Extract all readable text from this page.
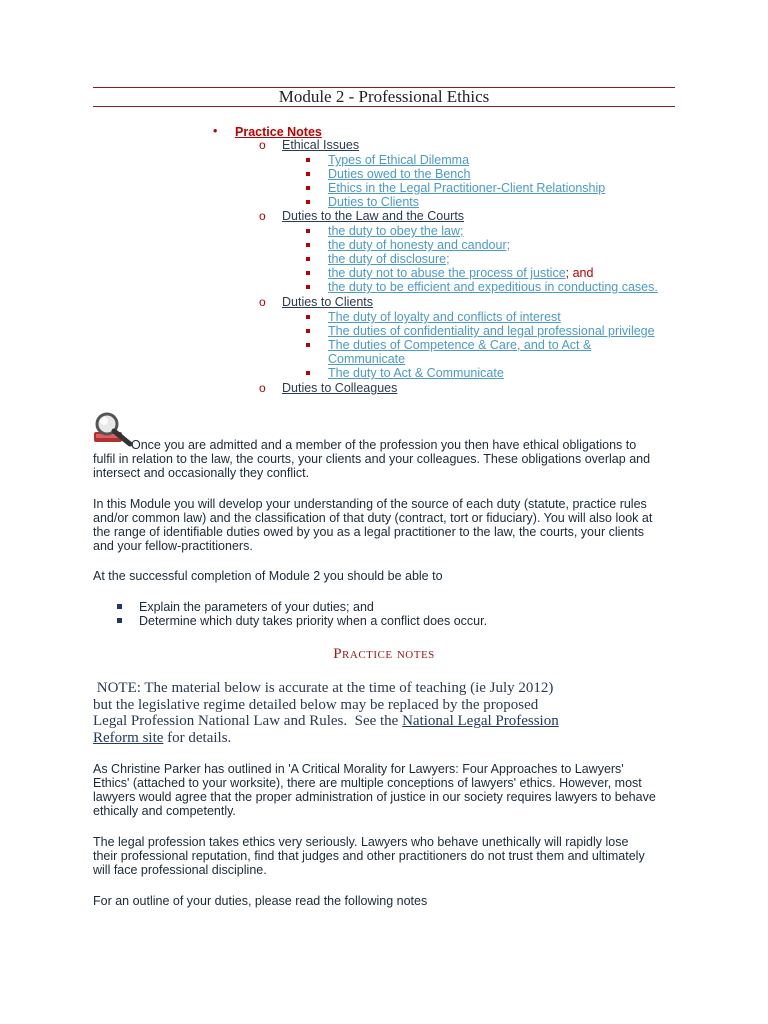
Module 2 - Professional Ethics
• Practice Notes
o Ethical Issues
Types of Ethical Dilemma
Duties owed to the Bench
Ethics in the Legal Practitioner-Client Relationship
Duties to Clients
o Duties to the Law and the Courts
the duty to obey the law;
the duty of honesty and candour;
the duty of disclosure;
the duty not to abuse the process of justice; and
the duty to be efficient and expeditious in conducting cases.
o Duties to Clients
The duty of loyalty and conflicts of interest
The duties of confidentiality and legal professional privilege
The duties of Competence & Care, and to Act &
Communicate
The duty to Act & Communicate
o Duties to Colleagues
Once you are admitted and a member of the profession you then have ethical obligations to
fulfil in relation to the law, the courts, your clients and your colleagues. These obligations overlap and
intersect and occasionally they conflict.
In this Module you will develop your understanding of the source of each duty (statute, practice rules
and/or common law) and the classification of that duty (contract, tort or fiduciary). You will also look at
the range of identifiable duties owed by you as a legal practitioner to the law, the courts, your clients
and your fellow-practitioners.
At the successful completion of Module 2 you should be able to
Explain the parameters of your duties; and
Determine which duty takes priority when a conflict does occur.
Practice notes
NOTE: The material below is accurate at the time of teaching (ie July 2012)
but the legislative regime detailed below may be replaced by the proposed
Legal Profession National Law and Rules.  See the National Legal Profession
Reform site for details.
As Christine Parker has outlined in 'A Critical Morality for Lawyers: Four Approaches to Lawyers'
Ethics' (attached to your worksite), there are multiple conceptions of lawyers' ethics. However, most
lawyers would agree that the proper administration of justice in our society requires lawyers to behave
ethically and competently.
The legal profession takes ethics very seriously. Lawyers who behave unethically will rapidly lose
their professional reputation, find that judges and other practitioners do not trust them and ultimately
will face professional discipline.
For an outline of your duties, please read the following notes
